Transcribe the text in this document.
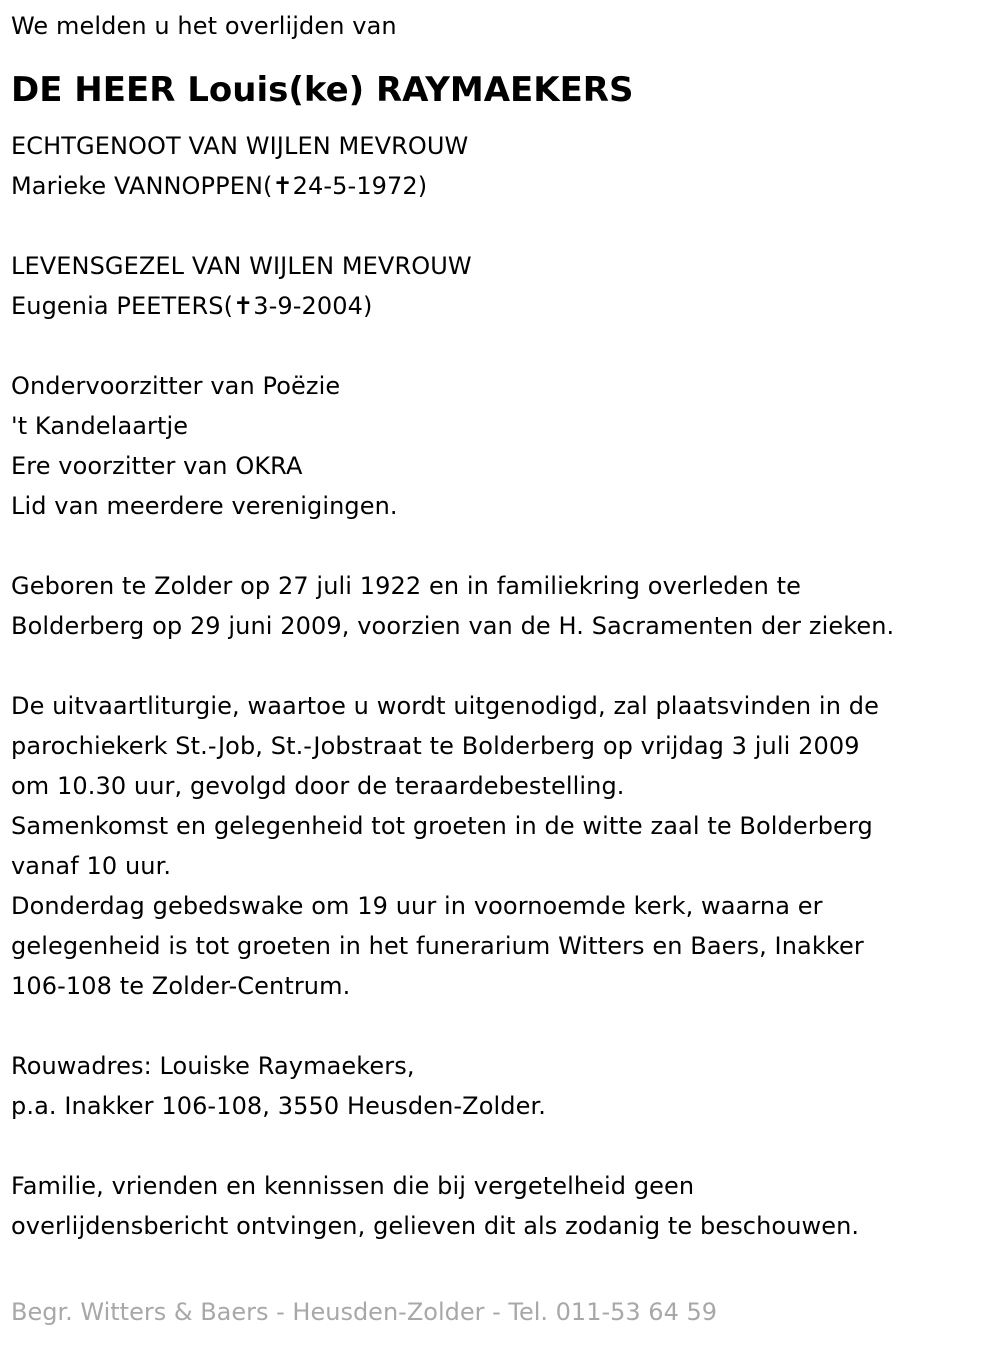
We melden u het overlijden van
DE HEER Louis(ke) RAYMAEKERS
ECHTGENOOT VAN WIJLEN MEVROUW
Marieke VANNOPPEN(✝24-5-1972)
LEVENSGEZEL VAN WIJLEN MEVROUW
Eugenia PEETERS(✝3-9-2004)
Ondervoorzitter van Poëzie
't Kandelaartje
Ere voorzitter van OKRA
Lid van meerdere verenigingen.
Geboren te Zolder op 27 juli 1922 en in familiekring overleden te
Bolderberg op 29 juni 2009, voorzien van de H. Sacramenten der zieken.
De uitvaartliturgie, waartoe u wordt uitgenodigd, zal plaatsvinden in de
parochiekerk St.-Job, St.-Jobstraat te Bolderberg op vrijdag 3 juli 2009
om 10.30 uur, gevolgd door de teraardebestelling.
Samenkomst en gelegenheid tot groeten in de witte zaal te Bolderberg
vanaf 10 uur.
Donderdag gebedswake om 19 uur in voornoemde kerk, waarna er
gelegenheid is tot groeten in het funerarium Witters en Baers, Inakker
106-108 te Zolder-Centrum.
Rouwadres: Louiske Raymaekers,
p.a. Inakker 106-108, 3550 Heusden-Zolder.
Familie, vrienden en kennissen die bij vergetelheid geen
overlijdensbericht ontvingen, gelieven dit als zodanig te beschouwen.
Begr. Witters & Baers - Heusden-Zolder - Tel. 011-53 64 59
